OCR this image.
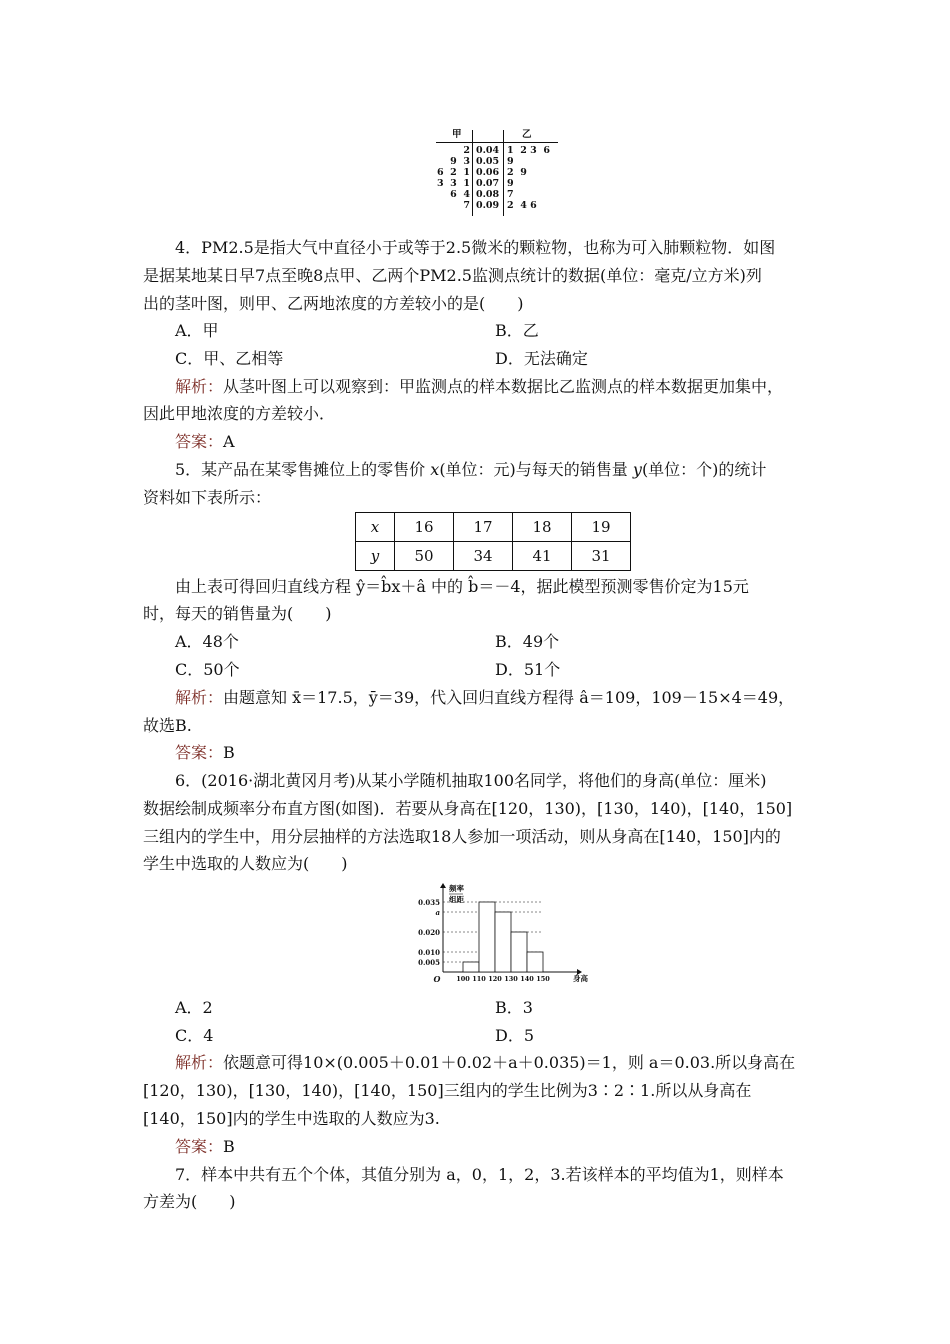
甲	乙
2 0.04 1  2 3  6
9  3 0.05 9
6  2  1 0.06 2  9
3  3  1 0.07 9
6  4 0.08 7
7 0.09 2  4 6
4．PM2.5是指大气中直径小于或等于2.5微米的颗粒物，也称为可入肺颗粒物．如图
是据某地某日早7点至晚8点甲、乙两个PM2.5监测点统计的数据(单位：毫克/立方米)列
出的茎叶图，则甲、乙两地浓度的方差较小的是(　　)
A．甲	B．乙
C．甲、乙相等	D．无法确定
解析：从茎叶图上可以观察到：甲监测点的样本数据比乙监测点的样本数据更加集中，
因此甲地浓度的方差较小．
答案：A
5．某产品在某零售摊位上的零售价 x(单位：元)与每天的销售量 y(单位：个)的统计
资料如下表所示：
x	16	17	18	19
y	50	34	41	31
由上表可得回归直线方程 ŷ＝b̂x＋â 中的 b̂＝－4，据此模型预测零售价定为15元
时，每天的销售量为(　　)
A．48个	B．49个
C．50个	D．51个
解析：由题意知 x̄＝17.5，ȳ＝39，代入回归直线方程得 â＝109，109－15×4＝49，
故选B.
答案：B
6．(2016·湖北黄冈月考)从某小学随机抽取100名同学，将他们的身高(单位：厘米)
数据绘制成频率分布直方图(如图)．若要从身高在[120，130)，[130，140)，[140，150]
三组内的学生中，用分层抽样的方法选取18人参加一项活动，则从身高在[140，150]内的
学生中选取的人数应为(　　)
频率
组距
O
0.035
a
0.020
0.010
0.005
100 110 120 130 140 150	身高
A．2	B．3
C．4	D．5
解析：依题意可得10×(0.005＋0.01＋0.02＋a＋0.035)＝1，则 a＝0.03.所以身高在
[120，130)，[130，140)，[140，150]三组内的学生比例为3∶2∶1.所以从身高在
[140，150]内的学生中选取的人数应为3.
答案：B
7．样本中共有五个个体，其值分别为 a，0，1，2，3.若该样本的平均值为1，则样本
方差为(　　)
